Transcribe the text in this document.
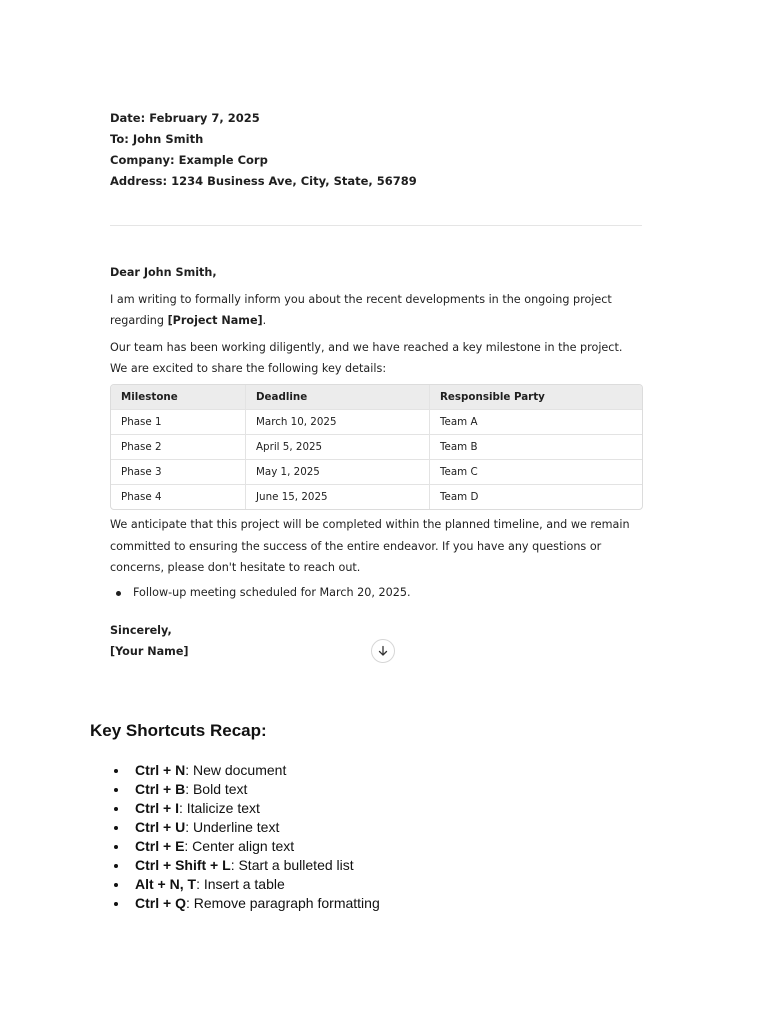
Date: February 7, 2025
To: John Smith
Company: Example Corp
Address: 1234 Business Ave, City, State, 56789
Dear John Smith,
I am writing to formally inform you about the recent developments in the ongoing project regarding [Project Name].
Our team has been working diligently, and we have reached a key milestone in the project. We are excited to share the following key details:
Milestone	Deadline	Responsible Party
Phase 1	March 10, 2025	Team A
Phase 2	April 5, 2025	Team B
Phase 3	May 1, 2025	Team C
Phase 4	June 15, 2025	Team D
We anticipate that this project will be completed within the planned timeline, and we remain committed to ensuring the success of the entire endeavor. If you have any questions or concerns, please don't hesitate to reach out.
Follow-up meeting scheduled for March 20, 2025.
Sincerely,
[Your Name]
Key Shortcuts Recap:
Ctrl + N: New document
Ctrl + B: Bold text
Ctrl + I: Italicize text
Ctrl + U: Underline text
Ctrl + E: Center align text
Ctrl + Shift + L: Start a bulleted list
Alt + N, T: Insert a table
Ctrl + Q: Remove paragraph formatting
